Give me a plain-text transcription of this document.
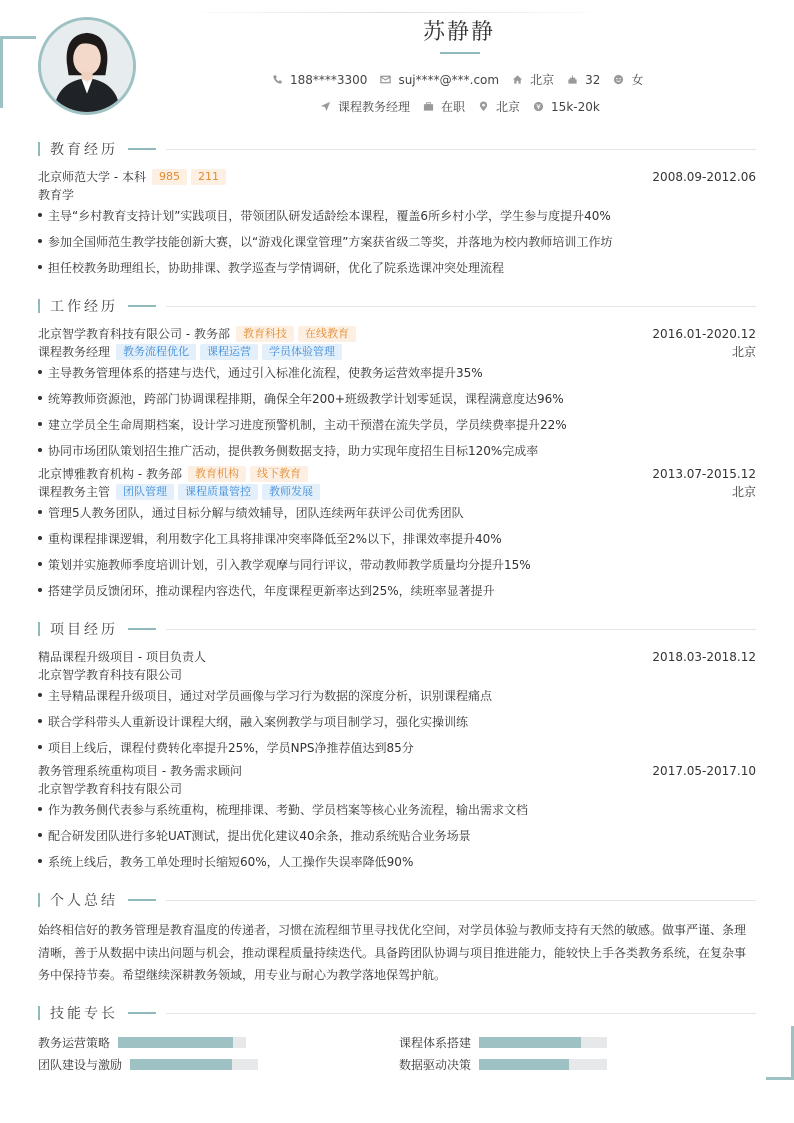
苏静静
188****3300	suj****@***.com	北京	32	女
课程教务经理	在职	北京	15k-20k
教育经历
北京师范大学 - 本科	985	211	2008.09-2012.06
教育学
主导“乡村教育支持计划”实践项目，带领团队研发适龄绘本课程，覆盖6所乡村小学，学生参与度提升40%
参加全国师范生教学技能创新大赛，以“游戏化课堂管理”方案获省级二等奖，并落地为校内教师培训工作坊
担任校教务助理组长，协助排课、教学巡查与学情调研，优化了院系选课冲突处理流程
工作经历
北京智学教育科技有限公司 - 教务部	教育科技	在线教育	2016.01-2020.12
课程教务经理	教务流程优化	课程运营	学员体验管理	北京
主导教务管理体系的搭建与迭代，通过引入标准化流程，使教务运营效率提升35%
统筹教师资源池，跨部门协调课程排期，确保全年200+班级教学计划零延误，课程满意度达96%
建立学员全生命周期档案，设计学习进度预警机制，主动干预潜在流失学员，学员续费率提升22%
协同市场团队策划招生推广活动，提供教务侧数据支持，助力实现年度招生目标120%完成率
北京博雅教育机构 - 教务部	教育机构	线下教育	2013.07-2015.12
课程教务主管	团队管理	课程质量管控	教师发展	北京
管理5人教务团队，通过目标分解与绩效辅导，团队连续两年获评公司优秀团队
重构课程排课逻辑，利用数字化工具将排课冲突率降低至2%以下，排课效率提升40%
策划并实施教师季度培训计划，引入教学观摩与同行评议，带动教师教学质量均分提升15%
搭建学员反馈闭环，推动课程内容迭代，年度课程更新率达到25%，续班率显著提升
项目经历
精品课程升级项目 - 项目负责人	2018.03-2018.12
北京智学教育科技有限公司
主导精品课程升级项目，通过对学员画像与学习行为数据的深度分析，识别课程痛点
联合学科带头人重新设计课程大纲，融入案例教学与项目制学习，强化实操训练
项目上线后，课程付费转化率提升25%，学员NPS净推荐值达到85分
教务管理系统重构项目 - 教务需求顾问	2017.05-2017.10
北京智学教育科技有限公司
作为教务侧代表参与系统重构，梳理排课、考勤、学员档案等核心业务流程，输出需求文档
配合研发团队进行多轮UAT测试，提出优化建议40余条，推动系统贴合业务场景
系统上线后，教务工单处理时长缩短60%，人工操作失误率降低90%
个人总结
始终相信好的教务管理是教育温度的传递者，习惯在流程细节里寻找优化空间，对学员体验与教师支持有天然的敏感。做事严谨、条理清晰，善于从数据中读出问题与机会，推动课程质量持续迭代。具备跨团队协调与项目推进能力，能较快上手各类教务系统，在复杂事务中保持节奏。希望继续深耕教务领域，用专业与耐心为教学落地保驾护航。
技能专长
教务运营策略	课程体系搭建
团队建设与激励	数据驱动决策
